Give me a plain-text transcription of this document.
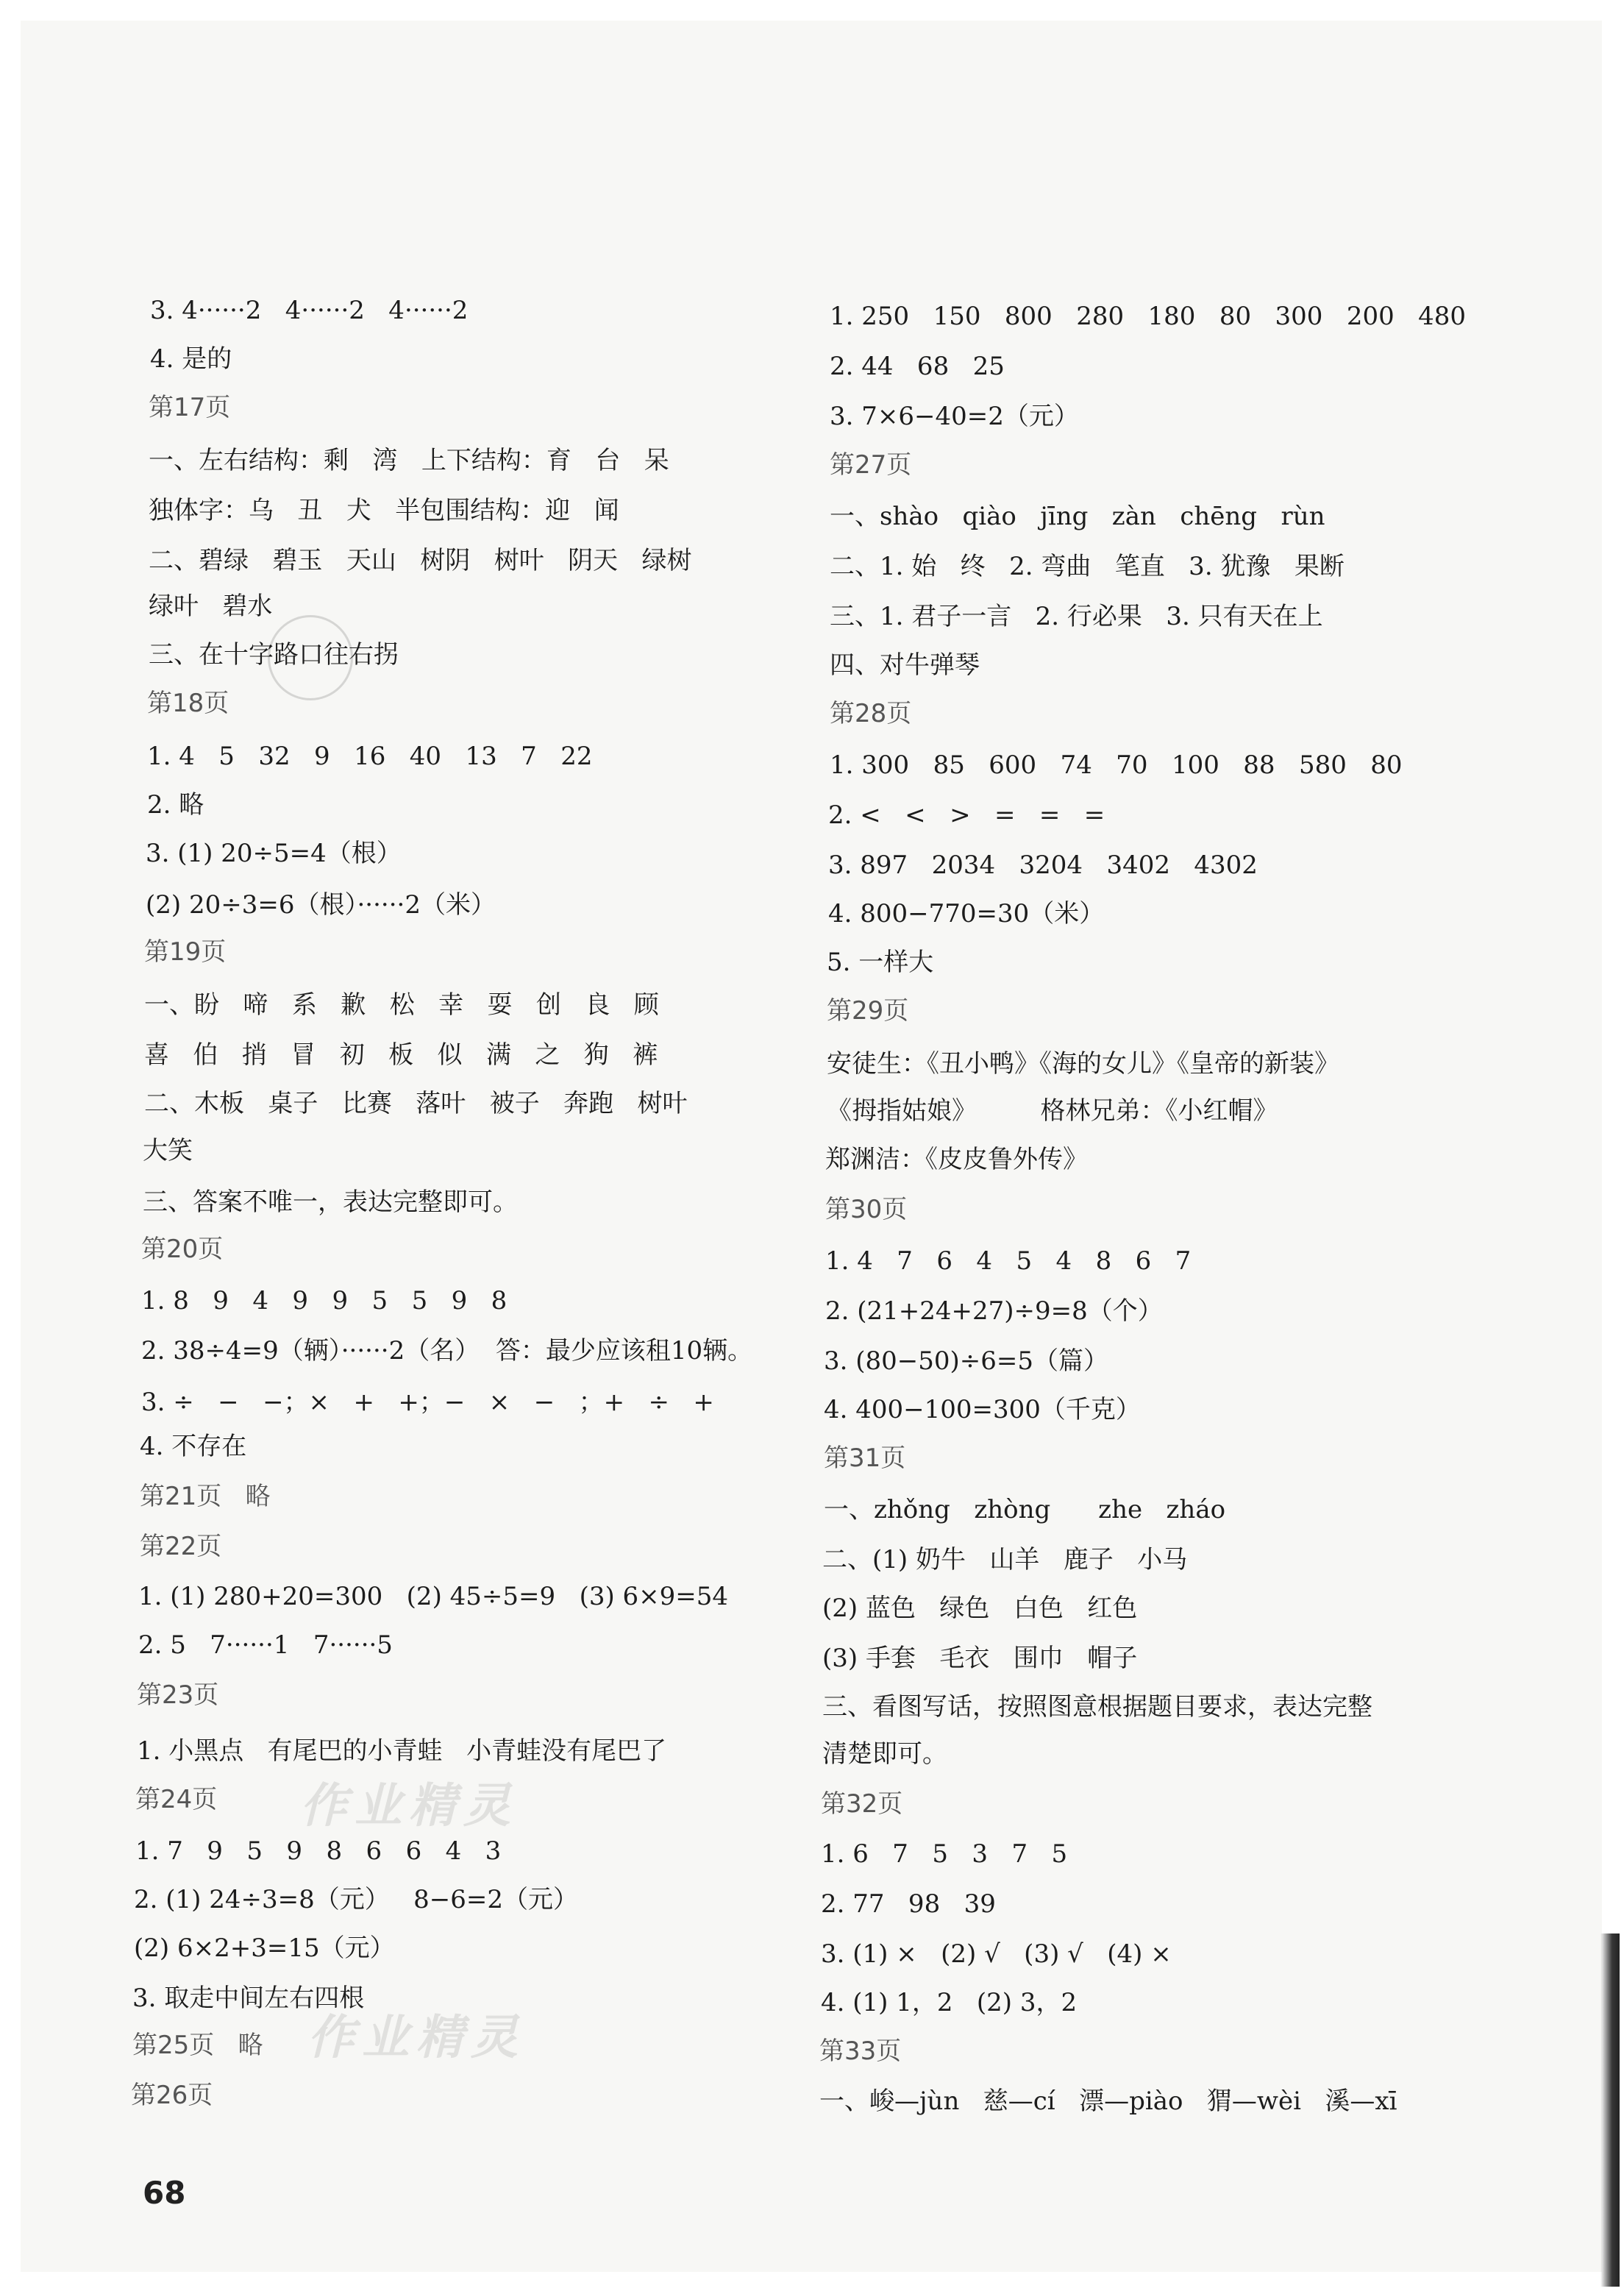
作业精灵
作业精灵
3. 4······2   4······2   4······2
4. 是的
第17页
一、左右结构：剩   湾   上下结构：育   台   呆
独体字：乌   丑   犬   半包围结构：迎   闻
二、碧绿   碧玉   天山   树阴   树叶   阴天   绿树
绿叶   碧水
三、在十字路口往右拐
第18页
1. 4   5   32   9   16   40   13   7   22
2. 略
3. (1) 20÷5=4（根）
(2) 20÷3=6（根）······2（米）
第19页
一、盼   啼   系   歉   松   幸   耍   创   良   顾
喜   伯   捎   冒   初   板   似   满   之   狗   裤
二、木板   桌子   比赛   落叶   被子   奔跑   树叶
大笑
三、答案不唯一，表达完整即可。
第20页
1. 8   9   4   9   9   5   5   9   8
2. 38÷4=9（辆）······2（名）  答：最少应该租10辆。
3. ÷   −   −；×   +   +；−   ×   −   ；+   ÷   +
4. 不存在
第21页   略
第22页
1. (1) 280+20=300   (2) 45÷5=9   (3) 6×9=54
2. 5   7······1   7······5
第23页
1. 小黑点   有尾巴的小青蛙   小青蛙没有尾巴了
第24页
1. 7   9   5   9   8   6   6   4   3
2. (1) 24÷3=8（元）   8−6=2（元）
(2) 6×2+3=15（元）
3. 取走中间左右四根
第25页   略
第26页
1. 250   150   800   280   180   80   300   200   480
2. 44   68   25
3. 7×6−40=2（元）
第27页
一、shào   qiào   jīng   zàn   chēng   rùn
二、1. 始   终   2. 弯曲   笔直   3. 犹豫   果断
三、1. 君子一言   2. 行必果   3. 只有天在上
四、对牛弹琴
第28页
1. 300   85   600   74   70   100   88   580   80
2. <   <   >   =   =   =
3. 897   2034   3204   3402   4302
4. 800−770=30（米）
5. 一样大
第29页
安徒生：《丑小鸭》《海的女儿》《皇帝的新装》
《拇指姑娘》        格林兄弟：《小红帽》
郑渊洁：《皮皮鲁外传》
第30页
1. 4   7   6   4   5   4   8   6   7
2. (21+24+27)÷9=8（个）
3. (80−50)÷6=5（篇）
4. 400−100=300（千克）
第31页
一、zhǒng   zhòng      zhe   zháo
二、(1) 奶牛   山羊   鹿子   小马
(2) 蓝色   绿色   白色   红色
(3) 手套   毛衣   围巾   帽子
三、看图写话，按照图意根据题目要求，表达完整
清楚即可。
第32页
1. 6   7   5   3   7   5
2. 77   98   39
3. (1) ×   (2) √   (3) √   (4) ×
4. (1) 1，2   (2) 3，2
第33页
一、峻—jùn   慈—cí   漂—piào   猬—wèi   溪—xī
68
